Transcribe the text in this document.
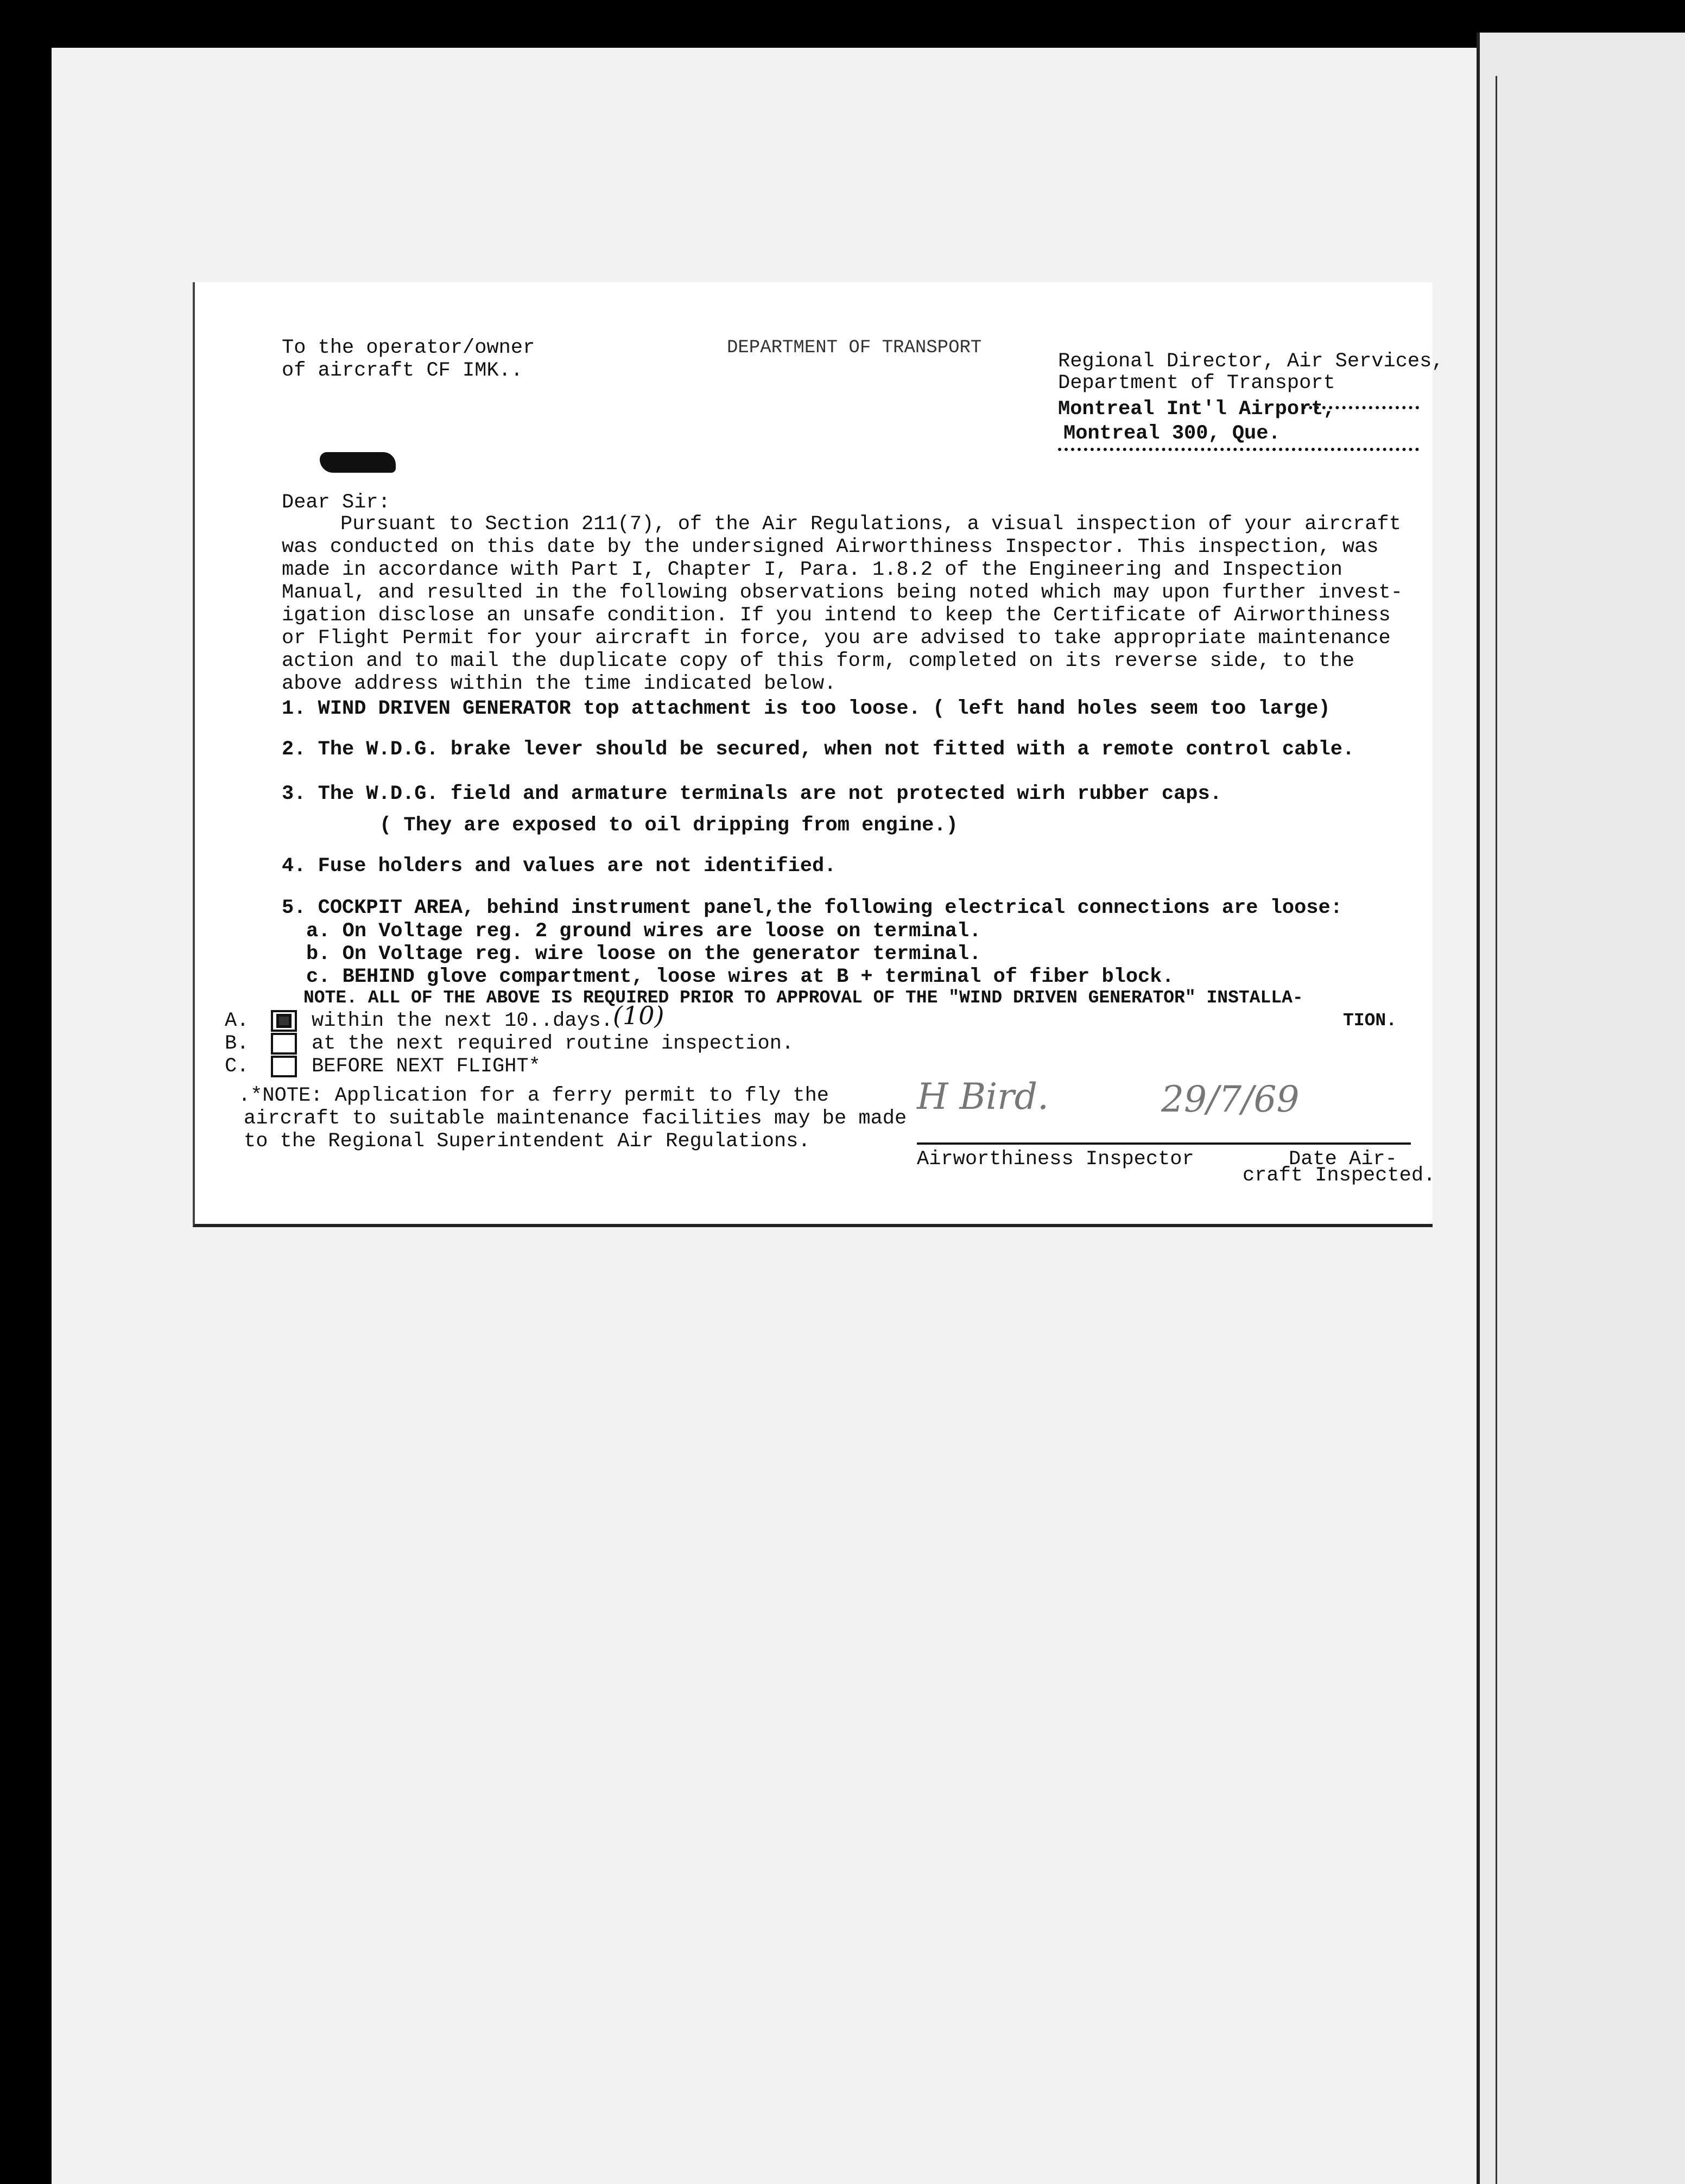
To the operator/owner
of aircraft CF IMK..
DEPARTMENT OF TRANSPORT
Regional Director, Air Services,
Department of Transport
Montreal Int'l Airport,
Montreal 300, Que.
Dear Sir:
Pursuant to Section 211(7), of the Air Regulations, a visual inspection of your aircraft
was conducted on this date by the undersigned Airworthiness Inspector. This inspection, was
made in accordance with Part I, Chapter I, Para. 1.8.2 of the Engineering and Inspection
Manual, and resulted in the following observations being noted which may upon further invest-
igation disclose an unsafe condition. If you intend to keep the Certificate of Airworthiness
or Flight Permit for your aircraft in force, you are advised to take appropriate maintenance
action and to mail the duplicate copy of this form, completed on its reverse side, to the
above address within the time indicated below.
1. WIND DRIVEN GENERATOR top attachment is too loose. ( left hand holes seem too large)
2. The W.D.G. brake lever should be secured, when not fitted with a remote control cable.
3. The W.D.G. field and armature terminals are not protected wirh rubber caps.
( They are exposed to oil dripping from engine.)
4. Fuse holders and values are not identified.
5. COCKPIT AREA, behind instrument panel,the following electrical connections are loose:
a. On Voltage reg. 2 ground wires are loose on terminal.
b. On Voltage reg. wire loose on the generator terminal.
c. BEHIND glove compartment, loose wires at B + terminal of fiber block.
NOTE. ALL OF THE ABOVE IS REQUIRED PRIOR TO APPROVAL OF THE "WIND DRIVEN GENERATOR" INSTALLA-
TION.
A.	within the next 10..days. (10)
B.	at the next required routine inspection.
C.	BEFORE NEXT FLIGHT*
.*NOTE: Application for a ferry permit to fly the
aircraft to suitable maintenance facilities may be made
to the Regional Superintendent Air Regulations.
H Bird.	29/7/69
Airworthiness Inspector	Date Air-
craft Inspected.
